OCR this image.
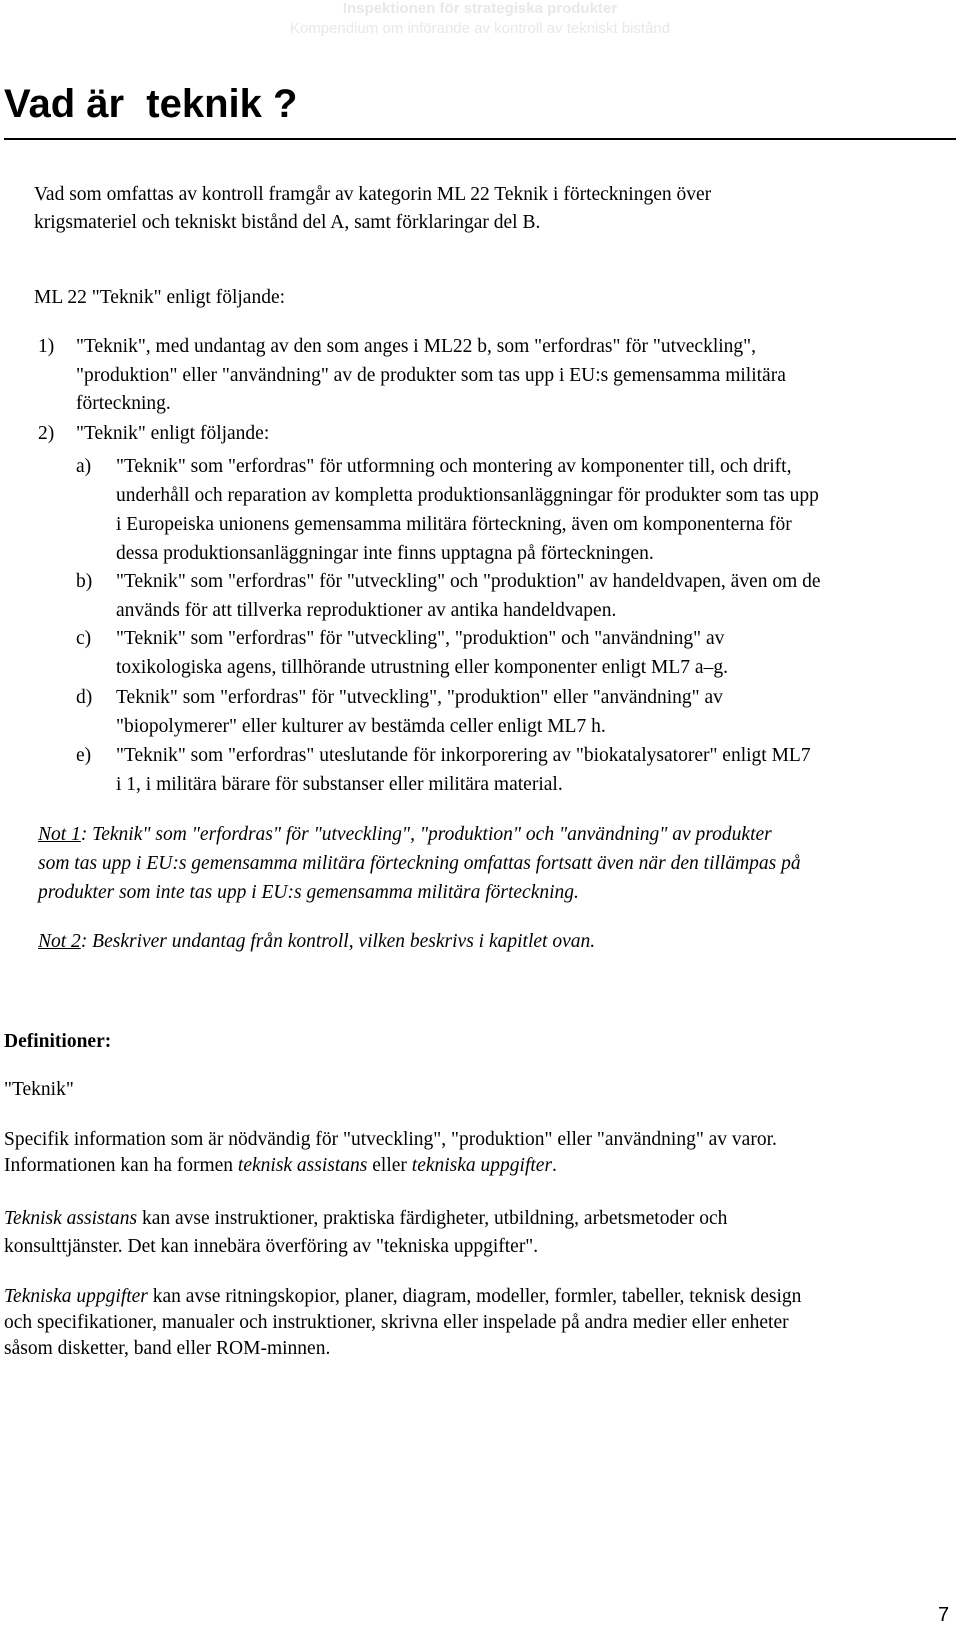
Inspektionen för strategiska produkter
Kompendium om införande av kontroll av tekniskt bistånd
Vad är  teknik ?
Vad som omfattas av kontroll framgår av kategorin ML 22 Teknik i förteckningen över
krigsmateriel och tekniskt bistånd del A, samt förklaringar del B.
ML 22 "Teknik" enligt följande:
1) "Teknik", med undantag av den som anges i ML22 b, som "erfordras" för "utveckling",
"produktion" eller "användning" av de produkter som tas upp i EU:s gemensamma militära
förteckning.
2) "Teknik" enligt följande:
a) "Teknik" som "erfordras" för utformning och montering av komponenter till, och drift,
underhåll och reparation av kompletta produktionsanläggningar för produkter som tas upp
i Europeiska unionens gemensamma militära förteckning, även om komponenterna för
dessa produktionsanläggningar inte finns upptagna på förteckningen.
b) "Teknik" som "erfordras" för "utveckling" och "produktion" av handeldvapen, även om de
används för att tillverka reproduktioner av antika handeldvapen.
c) "Teknik" som "erfordras" för "utveckling", "produktion" och "användning" av
toxikologiska agens, tillhörande utrustning eller komponenter enligt ML7 a–g.
d) Teknik" som "erfordras" för "utveckling", "produktion" eller "användning" av
"biopolymerer" eller kulturer av bestämda celler enligt ML7 h.
e) "Teknik" som "erfordras" uteslutande för inkorporering av "biokatalysatorer" enligt ML7
i 1, i militära bärare för substanser eller militära material.
Not 1: Teknik" som "erfordras" för "utveckling", "produktion" och "användning" av produkter
som tas upp i EU:s gemensamma militära förteckning omfattas fortsatt även när den tillämpas på
produkter som inte tas upp i EU:s gemensamma militära förteckning.
Not 2: Beskriver undantag från kontroll, vilken beskrivs i kapitlet ovan.
Definitioner:
"Teknik"
Specifik information som är nödvändig för "utveckling", "produktion" eller "användning" av varor.
Informationen kan ha formen teknisk assistans eller tekniska uppgifter.
Teknisk assistans kan avse instruktioner, praktiska färdigheter, utbildning, arbetsmetoder och
konsulttjänster. Det kan innebära överföring av "tekniska uppgifter".
Tekniska uppgifter kan avse ritningskopior, planer, diagram, modeller, formler, tabeller, teknisk design
och specifikationer, manualer och instruktioner, skrivna eller inspelade på andra medier eller enheter
såsom disketter, band eller ROM-minnen.
7
